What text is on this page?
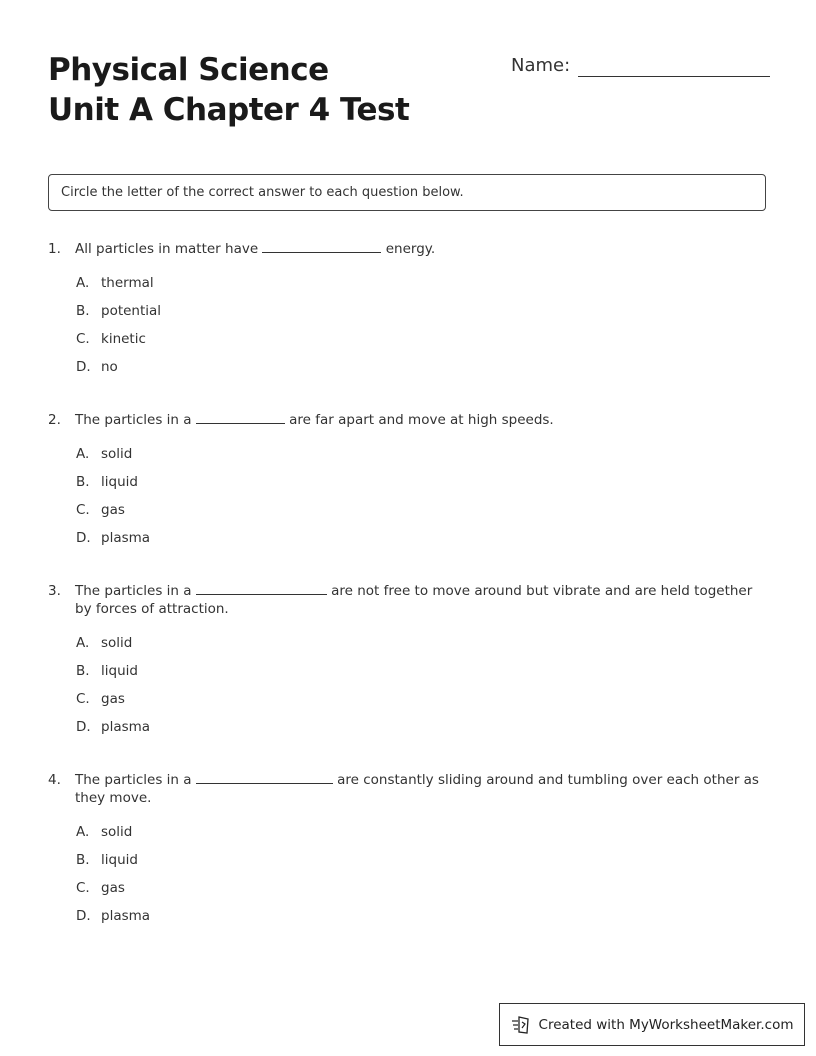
Physical Science
Unit A Chapter 4 Test
Name:
Circle the letter of the correct answer to each question below.
1.	All particles in matter have	energy.
A. thermal
B. potential
C. kinetic
D. no
2.	The particles in a	are far apart and move at high speeds.
A. solid
B. liquid
C. gas
D. plasma
3.	The particles in a	are not free to move around but vibrate and are held together by forces of attraction.
A. solid
B. liquid
C. gas
D. plasma
4.	The particles in a	are constantly sliding around and tumbling over each other as they move.
A. solid
B. liquid
C. gas
D. plasma
Created with MyWorksheetMaker.com
